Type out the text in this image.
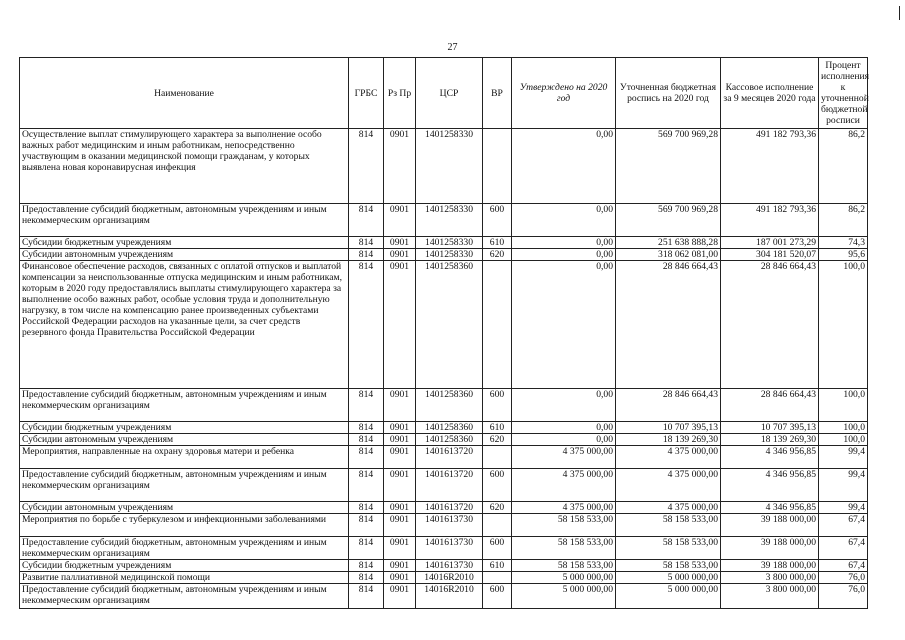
27
Наименование	ГРБС	Рз Пр	ЦСР	ВР	Утверждено на 2020 год	Уточненная бюджетная роспись на 2020 год	Кассовое исполнение за 9 месяцев 2020 года	Процент исполнения к уточненной бюджетной росписи
Осуществление выплат стимулирующего характера за выполнение особо важных работ медицинским и иным работникам, непосредственно участвующим в оказании медицинской помощи гражданам, у которых выявлена новая коронавирусная инфекция	814	0901	1401258330		0,00	569 700 969,28	491 182 793,36	86,2
Предоставление субсидий бюджетным, автономным учреждениям и иным некоммерческим организациям	814	0901	1401258330	600	0,00	569 700 969,28	491 182 793,36	86,2
Субсидии бюджетным учреждениям	814	0901	1401258330	610	0,00	251 638 888,28	187 001 273,29	74,3
Субсидии автономным учреждениям	814	0901	1401258330	620	0,00	318 062 081,00	304 181 520,07	95,6
Финансовое обеспечение расходов, связанных с оплатой отпусков и выплатой компенсации за неиспользованные отпуска медицинским и иным работникам, которым в 2020 году предоставлялись выплаты стимулирующего характера за выполнение особо важных работ, особые условия труда и дополнительную нагрузку, в том числе на компенсацию ранее произведенных субъектами Российской Федерации расходов на указанные цели, за счет средств резервного фонда Правительства Российской Федерации	814	0901	1401258360		0,00	28 846 664,43	28 846 664,43	100,0
Предоставление субсидий бюджетным, автономным учреждениям и иным некоммерческим организациям	814	0901	1401258360	600	0,00	28 846 664,43	28 846 664,43	100,0
Субсидии бюджетным учреждениям	814	0901	1401258360	610	0,00	10 707 395,13	10 707 395,13	100,0
Субсидии автономным учреждениям	814	0901	1401258360	620	0,00	18 139 269,30	18 139 269,30	100,0
Мероприятия, направленные на охрану здоровья матери и ребенка	814	0901	1401613720		4 375 000,00	4 375 000,00	4 346 956,85	99,4
Предоставление субсидий бюджетным, автономным учреждениям и иным некоммерческим организациям	814	0901	1401613720	600	4 375 000,00	4 375 000,00	4 346 956,85	99,4
Субсидии автономным учреждениям	814	0901	1401613720	620	4 375 000,00	4 375 000,00	4 346 956,85	99,4
Мероприятия по борьбе с туберкулезом и инфекционными заболеваниями	814	0901	1401613730		58 158 533,00	58 158 533,00	39 188 000,00	67,4
Предоставление субсидий бюджетным, автономным учреждениям и иным некоммерческим организациям	814	0901	1401613730	600	58 158 533,00	58 158 533,00	39 188 000,00	67,4
Субсидии бюджетным учреждениям	814	0901	1401613730	610	58 158 533,00	58 158 533,00	39 188 000,00	67,4
Развитие паллиативной медицинской помощи	814	0901	14016R2010		5 000 000,00	5 000 000,00	3 800 000,00	76,0
Предоставление субсидий бюджетным, автономным учреждениям и иным некоммерческим организациям	814	0901	14016R2010	600	5 000 000,00	5 000 000,00	3 800 000,00	76,0
